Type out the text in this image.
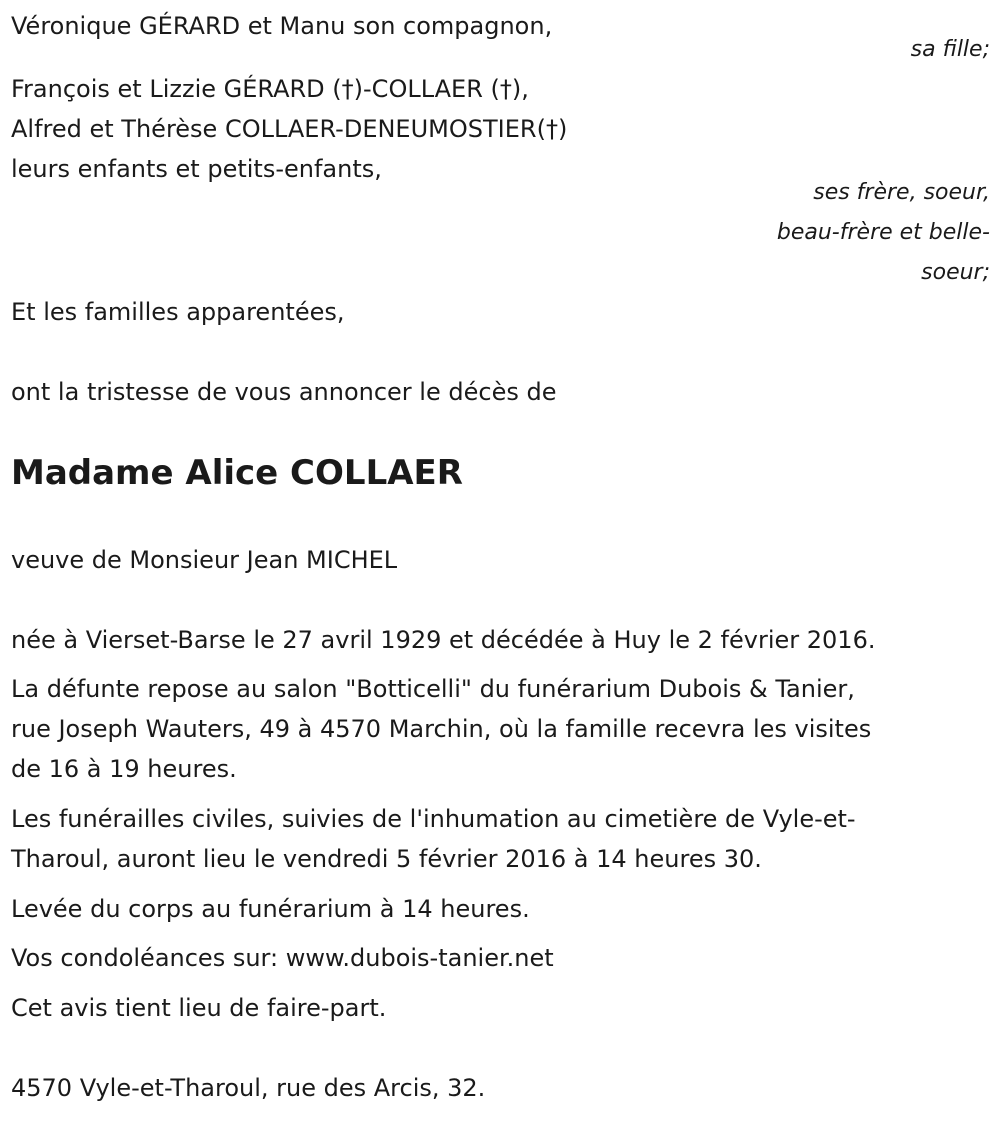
Véronique GÉRARD et Manu son compagnon,

sa fille;

François et Lizzie GÉRARD (†)-COLLAER (†),

Alfred et Thérèse COLLAER-DENEUMOSTIER(†)

leurs enfants et petits-enfants,

ses frère, soeur,

beau-frère et belle-

soeur;

Et les familles apparentées,

ont la tristesse de vous annoncer le décès de

Madame Alice COLLAER

veuve de Monsieur Jean MICHEL

née à Vierset-Barse le 27 avril 1929 et décédée à Huy le 2 février 2016.

La défunte repose au salon "Botticelli" du funérarium Dubois & Tanier,

rue Joseph Wauters, 49 à 4570 Marchin, où la famille recevra les visites

de 16 à 19 heures.

Les funérailles civiles, suivies de l'inhumation au cimetière de Vyle-et-

Tharoul, auront lieu le vendredi 5 février 2016 à 14 heures 30.

Levée du corps au funérarium à 14 heures.

Vos condoléances sur: www.dubois-tanier.net

Cet avis tient lieu de faire-part.

4570 Vyle-et-Tharoul, rue des Arcis, 32.
